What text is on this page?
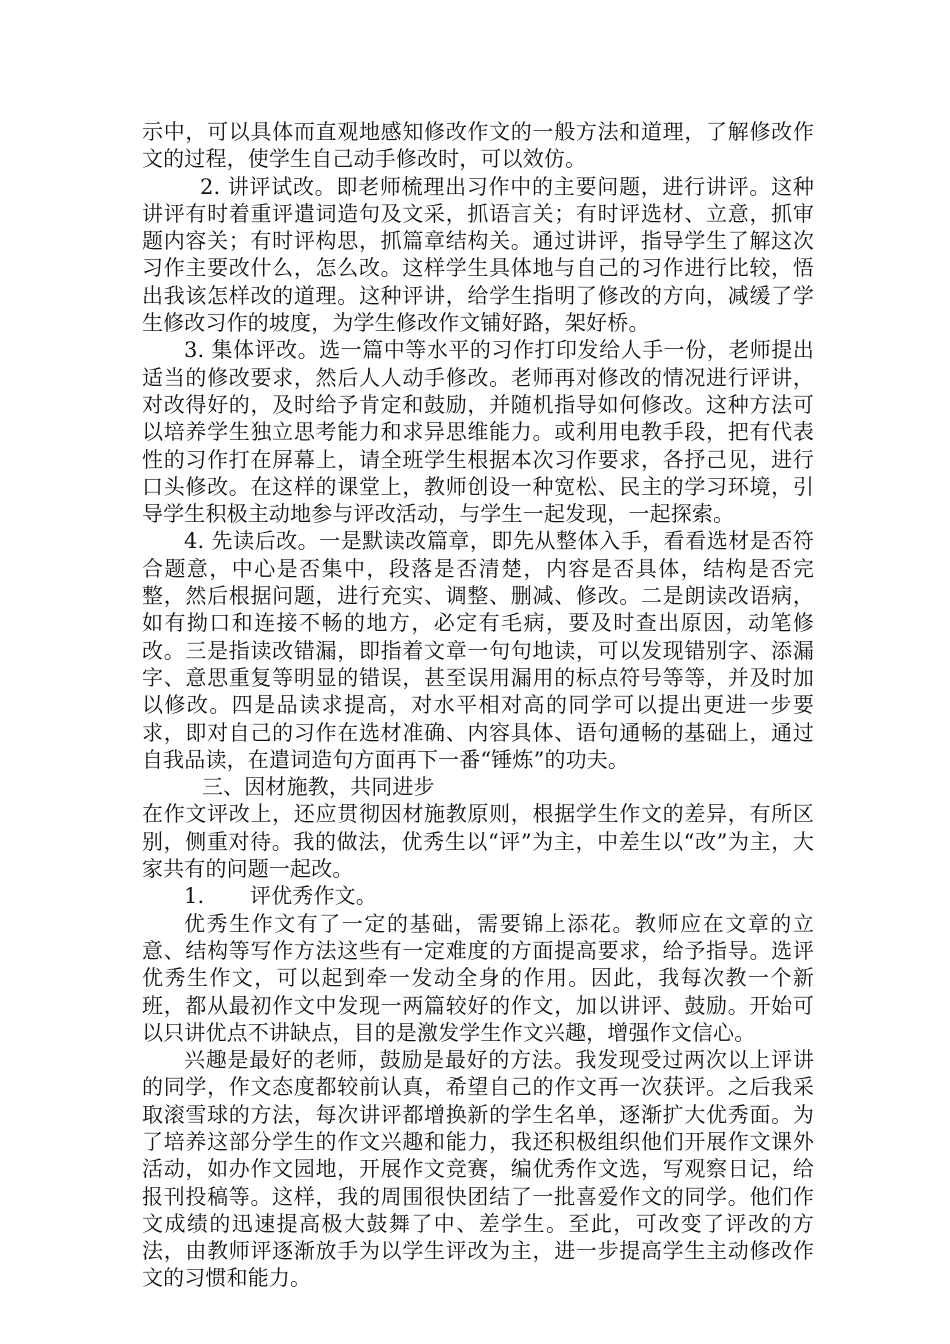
示中，可以具体而直观地感知修改作文的一般方法和道理，了解修改作文的过程，使学生自己动手修改时，可以效仿。

2. 讲评试改。即老师梳理出习作中的主要问题，进行讲评。这种讲评有时着重评遣词造句及文采，抓语言关；有时评选材、立意，抓审题内容关；有时评构思，抓篇章结构关。通过讲评，指导学生了解这次习作主要改什么，怎么改。这样学生具体地与自己的习作进行比较，悟出我该怎样改的道理。这种评讲，给学生指明了修改的方向，减缓了学生修改习作的坡度，为学生修改作文铺好路，架好桥。

3. 集体评改。选一篇中等水平的习作打印发给人手一份，老师提出适当的修改要求，然后人人动手修改。老师再对修改的情况进行评讲，对改得好的，及时给予肯定和鼓励，并随机指导如何修改。这种方法可以培养学生独立思考能力和求异思维能力。或利用电教手段，把有代表性的习作打在屏幕上，请全班学生根据本次习作要求，各抒己见，进行口头修改。在这样的课堂上，教师创设一种宽松、民主的学习环境，引导学生积极主动地参与评改活动，与学生一起发现，一起探索。

4. 先读后改。一是默读改篇章，即先从整体入手，看看选材是否符合题意，中心是否集中，段落是否清楚，内容是否具体，结构是否完整，然后根据问题，进行充实、调整、删减、修改。二是朗读改语病，如有拗口和连接不畅的地方，必定有毛病，要及时查出原因，动笔修改。三是指读改错漏，即指着文章一句句地读，可以发现错别字、添漏字、意思重复等明显的错误，甚至误用漏用的标点符号等等，并及时加以修改。四是品读求提高，对水平相对高的同学可以提出更进一步要求，即对自己的习作在选材准确、内容具体、语句通畅的基础上，通过自我品读，在遣词造句方面再下一番“锤炼”的功夫。

三、因材施教，共同进步

在作文评改上，还应贯彻因材施教原则，根据学生作文的差异，有所区别，侧重对待。我的做法，优秀生以“评”为主，中差生以“改”为主，大家共有的问题一起改。

1. 评优秀作文。

优秀生作文有了一定的基础，需要锦上添花。教师应在文章的立意、结构等写作方法这些有一定难度的方面提高要求，给予指导。选评优秀生作文，可以起到牵一发动全身的作用。因此，我每次教一个新班，都从最初作文中发现一两篇较好的作文，加以讲评、鼓励。开始可以只讲优点不讲缺点，目的是激发学生作文兴趣，增强作文信心。

兴趣是最好的老师，鼓励是最好的方法。我发现受过两次以上评讲的同学，作文态度都较前认真，希望自己的作文再一次获评。之后我采取滚雪球的方法，每次讲评都增换新的学生名单，逐渐扩大优秀面。为了培养这部分学生的作文兴趣和能力，我还积极组织他们开展作文课外活动，如办作文园地，开展作文竞赛，编优秀作文选，写观察日记，给报刊投稿等。这样，我的周围很快团结了一批喜爱作文的同学。他们作文成绩的迅速提高极大鼓舞了中、差学生。至此，可改变了评改的方法，由教师评逐渐放手为以学生评改为主，进一步提高学生主动修改作文的习惯和能力。
